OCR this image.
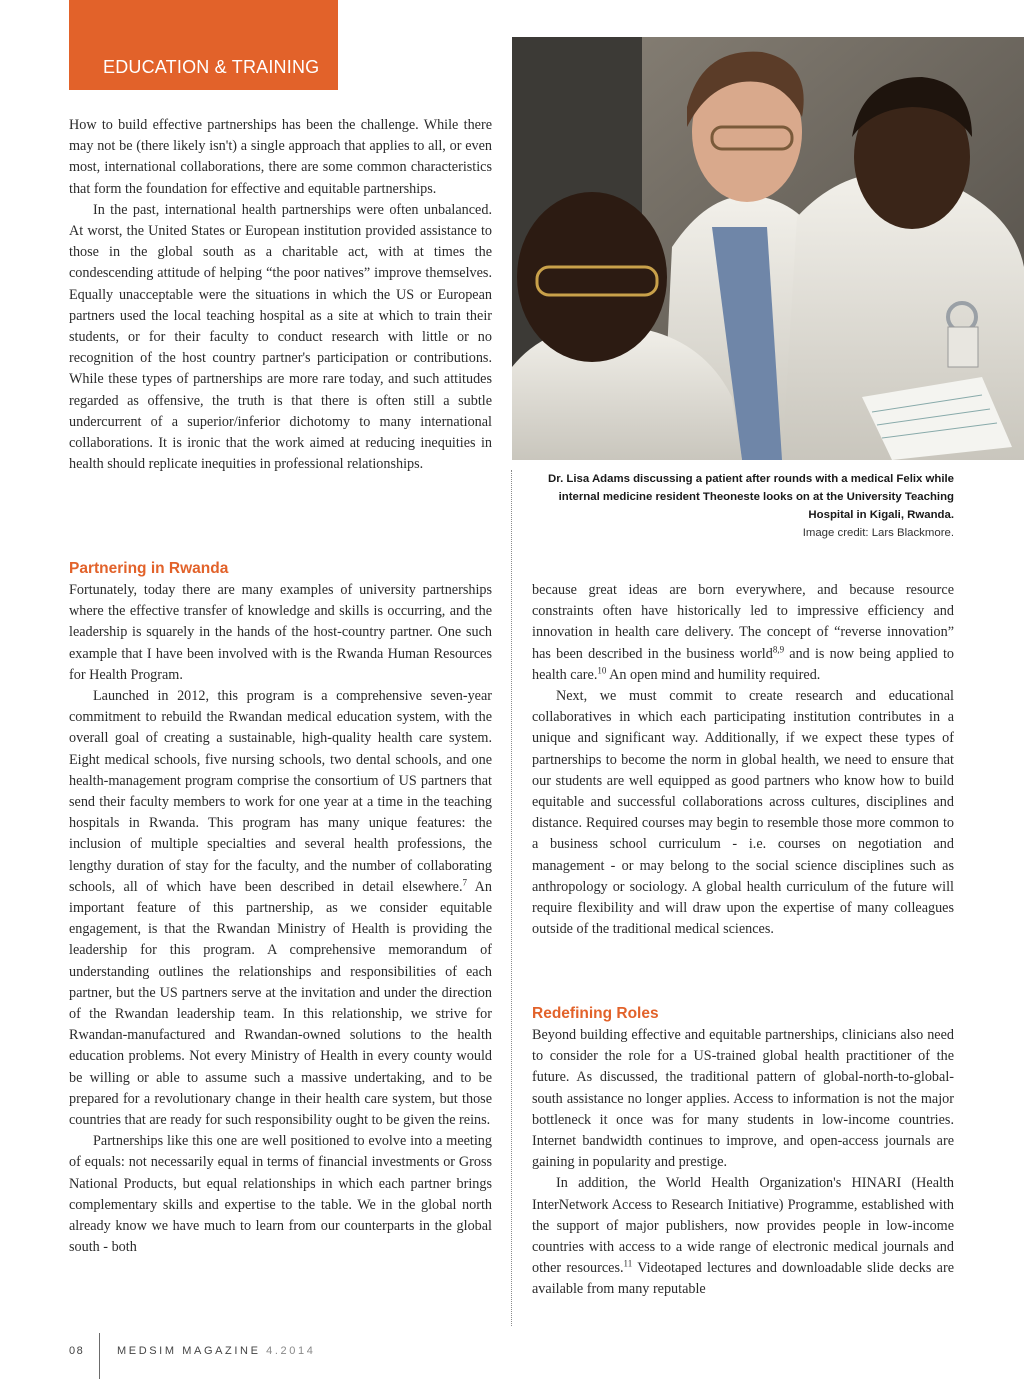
EDUCATION & TRAINING
Dr. Lisa Adams discussing a patient after rounds with a medical Felix while internal medicine resident Theoneste looks on at the University Teaching Hospital in Kigali, Rwanda.
Image credit: Lars Blackmore.

How to build effective partnerships has been the challenge. While there may not be (there likely isn't) a single approach that applies to all, or even most, international collaborations, there are some common characteristics that form the foundation for effective and equitable partnerships.

In the past, international health partnerships were often unbalanced. At worst, the United States or European institution provided assistance to those in the global south as a charitable act, with at times the condescending attitude of helping “the poor natives” improve themselves. Equally unacceptable were the situations in which the US or European partners used the local teaching hospital as a site at which to train their students, or for their faculty to conduct research with little or no recognition of the host country partner's participation or contributions. While these types of partnerships are more rare today, and such attitudes regarded as offensive, the truth is that there is often still a subtle undercurrent of a superior/inferior dichotomy to many international collaborations. It is ironic that the work aimed at reducing inequities in health should replicate inequities in professional relationships.

Partnering in Rwanda

Fortunately, today there are many examples of university partnerships where the effective transfer of knowledge and skills is occurring, and the leadership is squarely in the hands of the host-country partner. One such example that I have been involved with is the Rwanda Human Resources for Health Program.

Launched in 2012, this program is a comprehensive seven-year commitment to rebuild the Rwandan medical education system, with the overall goal of creating a sustainable, high-quality health care system. Eight medical schools, five nursing schools, two dental schools, and one health-management program comprise the consortium of US partners that send their faculty members to work for one year at a time in the teaching hospitals in Rwanda. This program has many unique features: the inclusion of multiple specialties and several health professions, the lengthy duration of stay for the faculty, and the number of collaborating schools, all of which have been described in detail elsewhere.$^7$ An important feature of this partnership, as we consider equitable engagement, is that the Rwandan Ministry of Health is providing the leadership for this program. A comprehensive memorandum of understanding outlines the relationships and responsibilities of each partner, but the US partners serve at the invitation and under the direction of the Rwandan leadership team. In this relationship, we strive for Rwandan-manufactured and Rwandan-owned solutions to the health education problems. Not every Ministry of Health in every county would be willing or able to assume such a massive undertaking, and to be prepared for a revolutionary change in their health care system, but those countries that are ready for such responsibility ought to be given the reins.

Partnerships like this one are well positioned to evolve into a meeting of equals: not necessarily equal in terms of financial investments or Gross National Products, but equal relationships in which each partner brings complementary skills and expertise to the table. We in the global north already know we have much to learn from our counterparts in the global south - both

because great ideas are born everywhere, and because resource constraints often have historically led to impressive efficiency and innovation in health care delivery. The concept of “reverse innovation” has been described in the business world$^{8,9}$ and is now being applied to health care.$^{10}$ An open mind and humility required.

Next, we must commit to create research and educational collaboratives in which each participating institution contributes in a unique and significant way. Additionally, if we expect these types of partnerships to become the norm in global health, we need to ensure that our students are well equipped as good partners who know how to build equitable and successful collaborations across cultures, disciplines and distance. Required courses may begin to resemble those more common to a business school curriculum - i.e. courses on negotiation and management - or may belong to the social science disciplines such as anthropology or sociology. A global health curriculum of the future will require flexibility and will draw upon the expertise of many colleagues outside of the traditional medical sciences.

Redefining Roles

Beyond building effective and equitable partnerships, clinicians also need to consider the role for a US-trained global health practitioner of the future. As discussed, the traditional pattern of global-north-to-global-south assistance no longer applies. Access to information is not the major bottleneck it once was for many students in low-income countries. Internet bandwidth continues to improve, and open-access journals are gaining in popularity and prestige.

In addition, the World Health Organization's HINARI (Health InterNetwork Access to Research Initiative) Programme, established with the support of major publishers, now provides people in low-income countries with access to a wide range of electronic medical journals and other resources.$^{11}$ Videotaped lectures and downloadable slide decks are available from many reputable

08	MEDSIM MAGAZINE 4.2014
